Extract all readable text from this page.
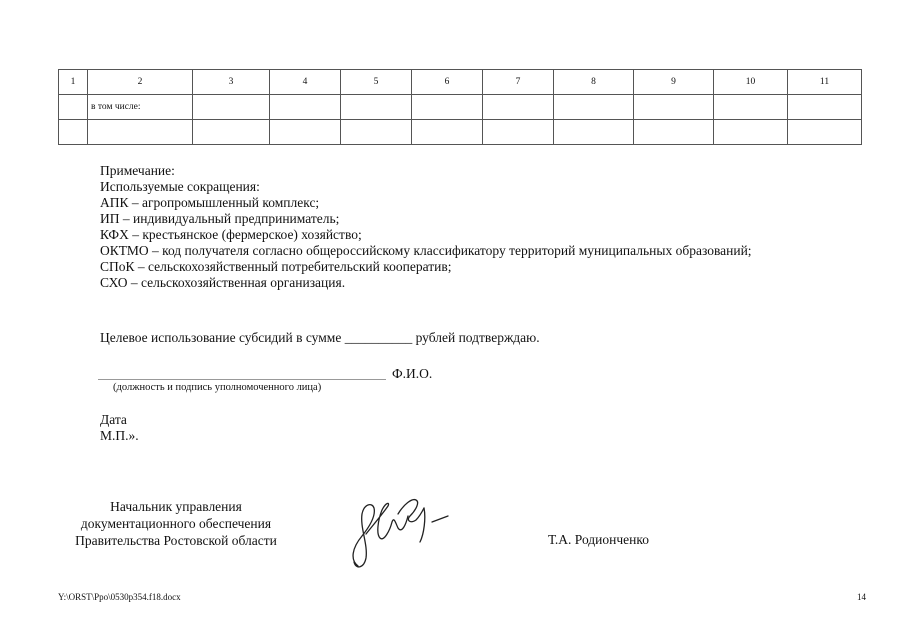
1	2	3	4	5	6	7	8	9	10	11
	в том числе:									

Примечание:
Используемые сокращения:
АПК – агропромышленный комплекс;
ИП – индивидуальный предприниматель;
КФХ – крестьянское (фермерское) хозяйство;
ОКТМО – код получателя согласно общероссийскому классификатору территорий муниципальных образований;
СПоК – сельскохозяйственный потребительский кооператив;
СХО – сельскохозяйственная организация.
Целевое использование субсидий в сумме __________ рублей подтверждаю.
Ф.И.О.
(должность и подпись уполномоченного лица)
Дата
М.П.».
Начальник управления
документационного обеспечения
Правительства Ростовской области	Т.А. Родионченко
Y:\ORST\Ppo\0530p354.f18.docx	14
